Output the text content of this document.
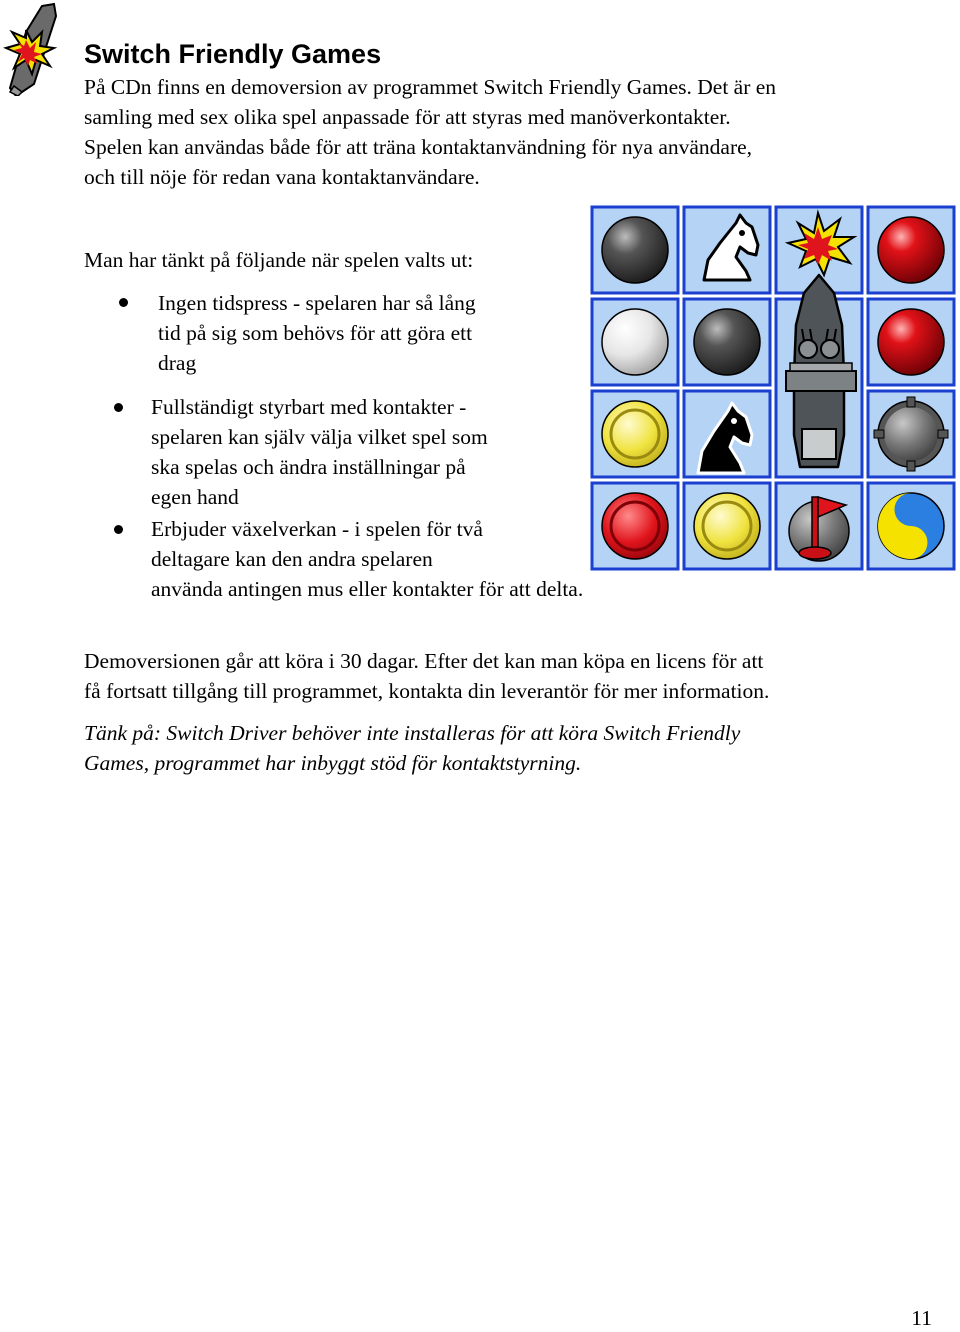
Switch Friendly Games
På CDn finns en demoversion av programmet Switch Friendly Games. Det är en
samling med sex olika spel anpassade för att styras med manöverkontakter.
Spelen kan användas både för att träna kontaktanvändning för nya användare,
och till nöje för redan vana kontaktanvändare.
Man har tänkt på följande när spelen valts ut:
Ingen tidspress - spelaren har så lång
tid på sig som behövs för att göra ett
drag
Fullständigt styrbart med kontakter -
spelaren kan själv välja vilket spel som
ska spelas och ändra inställningar på
egen hand
Erbjuder växelverkan - i spelen för två
deltagare kan den andra spelaren
använda antingen mus eller kontakter för att delta.
Demoversionen går att köra i 30 dagar. Efter det kan man köpa en licens för att
få fortsatt tillgång till programmet, kontakta din leverantör för mer information.
Tänk på: Switch Driver behöver inte installeras för att köra Switch Friendly
Games, programmet har inbyggt stöd för kontaktstyrning.
11
